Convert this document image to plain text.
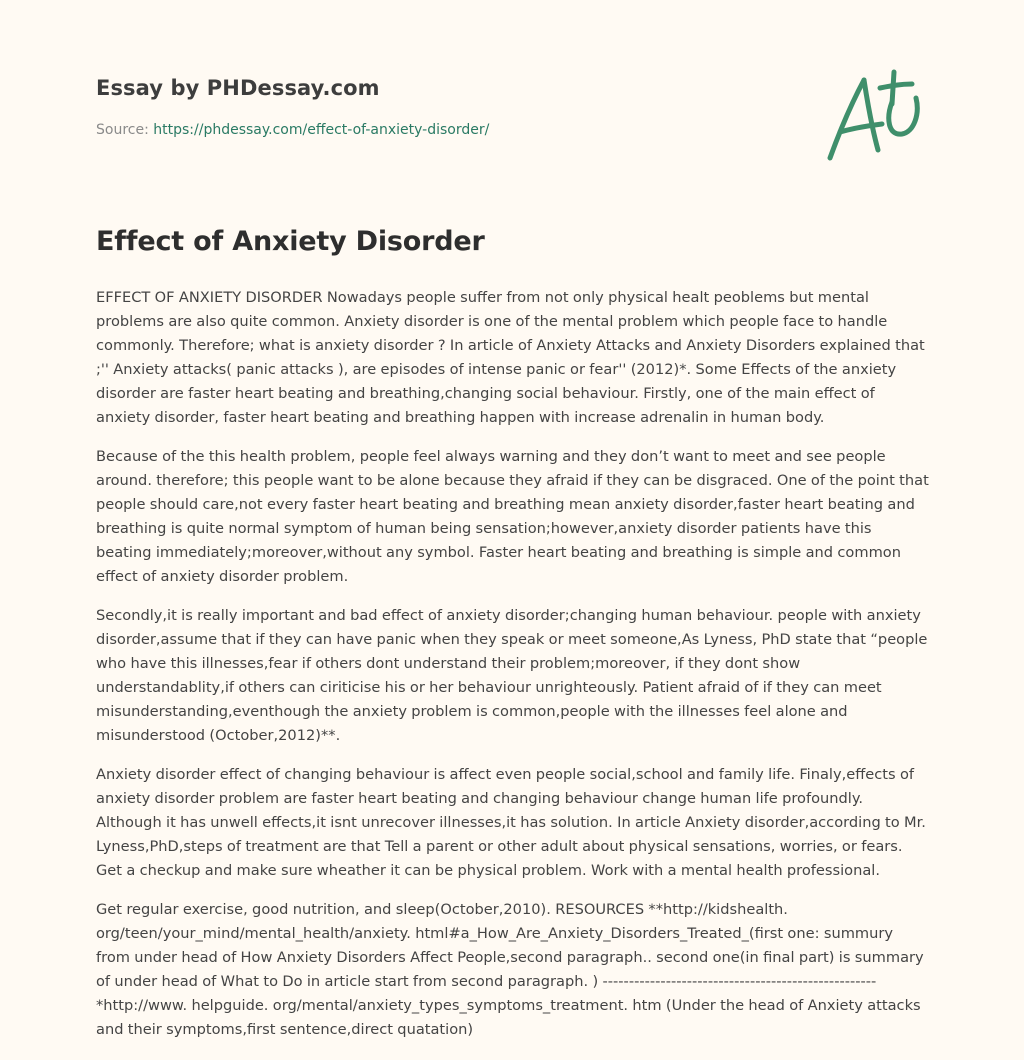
Essay by PHDessay.com
Source: https://phdessay.com/effect-of-anxiety-disorder/
Effect of Anxiety Disorder

EFFECT OF ANXIETY DISORDER Nowadays people suffer from not only physical healt peoblems but mental problems are also quite common. Anxiety disorder is one of the mental problem which people face to handle commonly. Therefore; what is anxiety disorder ? In article of Anxiety Attacks and Anxiety Disorders explained that ;'' Anxiety attacks( panic attacks ), are episodes of intense panic or fear'' (2012)*. Some Effects of the anxiety disorder are faster heart beating and breathing,changing social behaviour. Firstly, one of the main effect of anxiety disorder, faster heart beating and breathing happen with increase adrenalin in human body.

Because of the this health problem, people feel always warning and they don’t want to meet and see people around. therefore; this people want to be alone because they afraid if they can be disgraced. One of the point that people should care,not every faster heart beating and breathing mean anxiety disorder,faster heart beating and breathing is quite normal symptom of human being sensation;however,anxiety disorder patients have this beating immediately;moreover,without any symbol. Faster heart beating and breathing is simple and common effect of anxiety disorder problem.

Secondly,it is really important and bad effect of anxiety disorder;changing human behaviour. people with anxiety disorder,assume that if they can have panic when they speak or meet someone,As Lyness, PhD state that “people who have this illnesses,fear if others dont understand their problem;moreover, if they dont show understandablity,if others can ciriticise his or her behaviour unrighteously. Patient afraid of if they can meet misunderstanding,eventhough the anxiety problem is common,people with the illnesses feel alone and misunderstood (October,2012)**.

Anxiety disorder effect of changing behaviour is affect even people social,school and family life. Finaly,effects of anxiety disorder problem are faster heart beating and changing behaviour change human life profoundly. Although it has unwell effects,it isnt unrecover illnesses,it has solution. In article Anxiety disorder,according to Mr. Lyness,PhD,steps of treatment are that Tell a parent or other adult about physical sensations, worries, or fears. Get a checkup and make sure wheather it can be physical problem. Work with a mental health professional.

Get regular exercise, good nutrition, and sleep(October,2010). RESOURCES **http://kidshealth. org/teen/your_mind/mental_health/anxiety. html#a_How_Are_Anxiety_Disorders_Treated_(first one: summury from under head of How Anxiety Disorders Affect People,second paragraph.. second one(in final part) is summary of under head of What to Do in article start from second paragraph. ) ---------------------------------------------------- *http://www. helpguide. org/mental/anxiety_types_symptoms_treatment. htm (Under the head of Anxiety attacks and their symptoms,first sentence,direct quatation)
